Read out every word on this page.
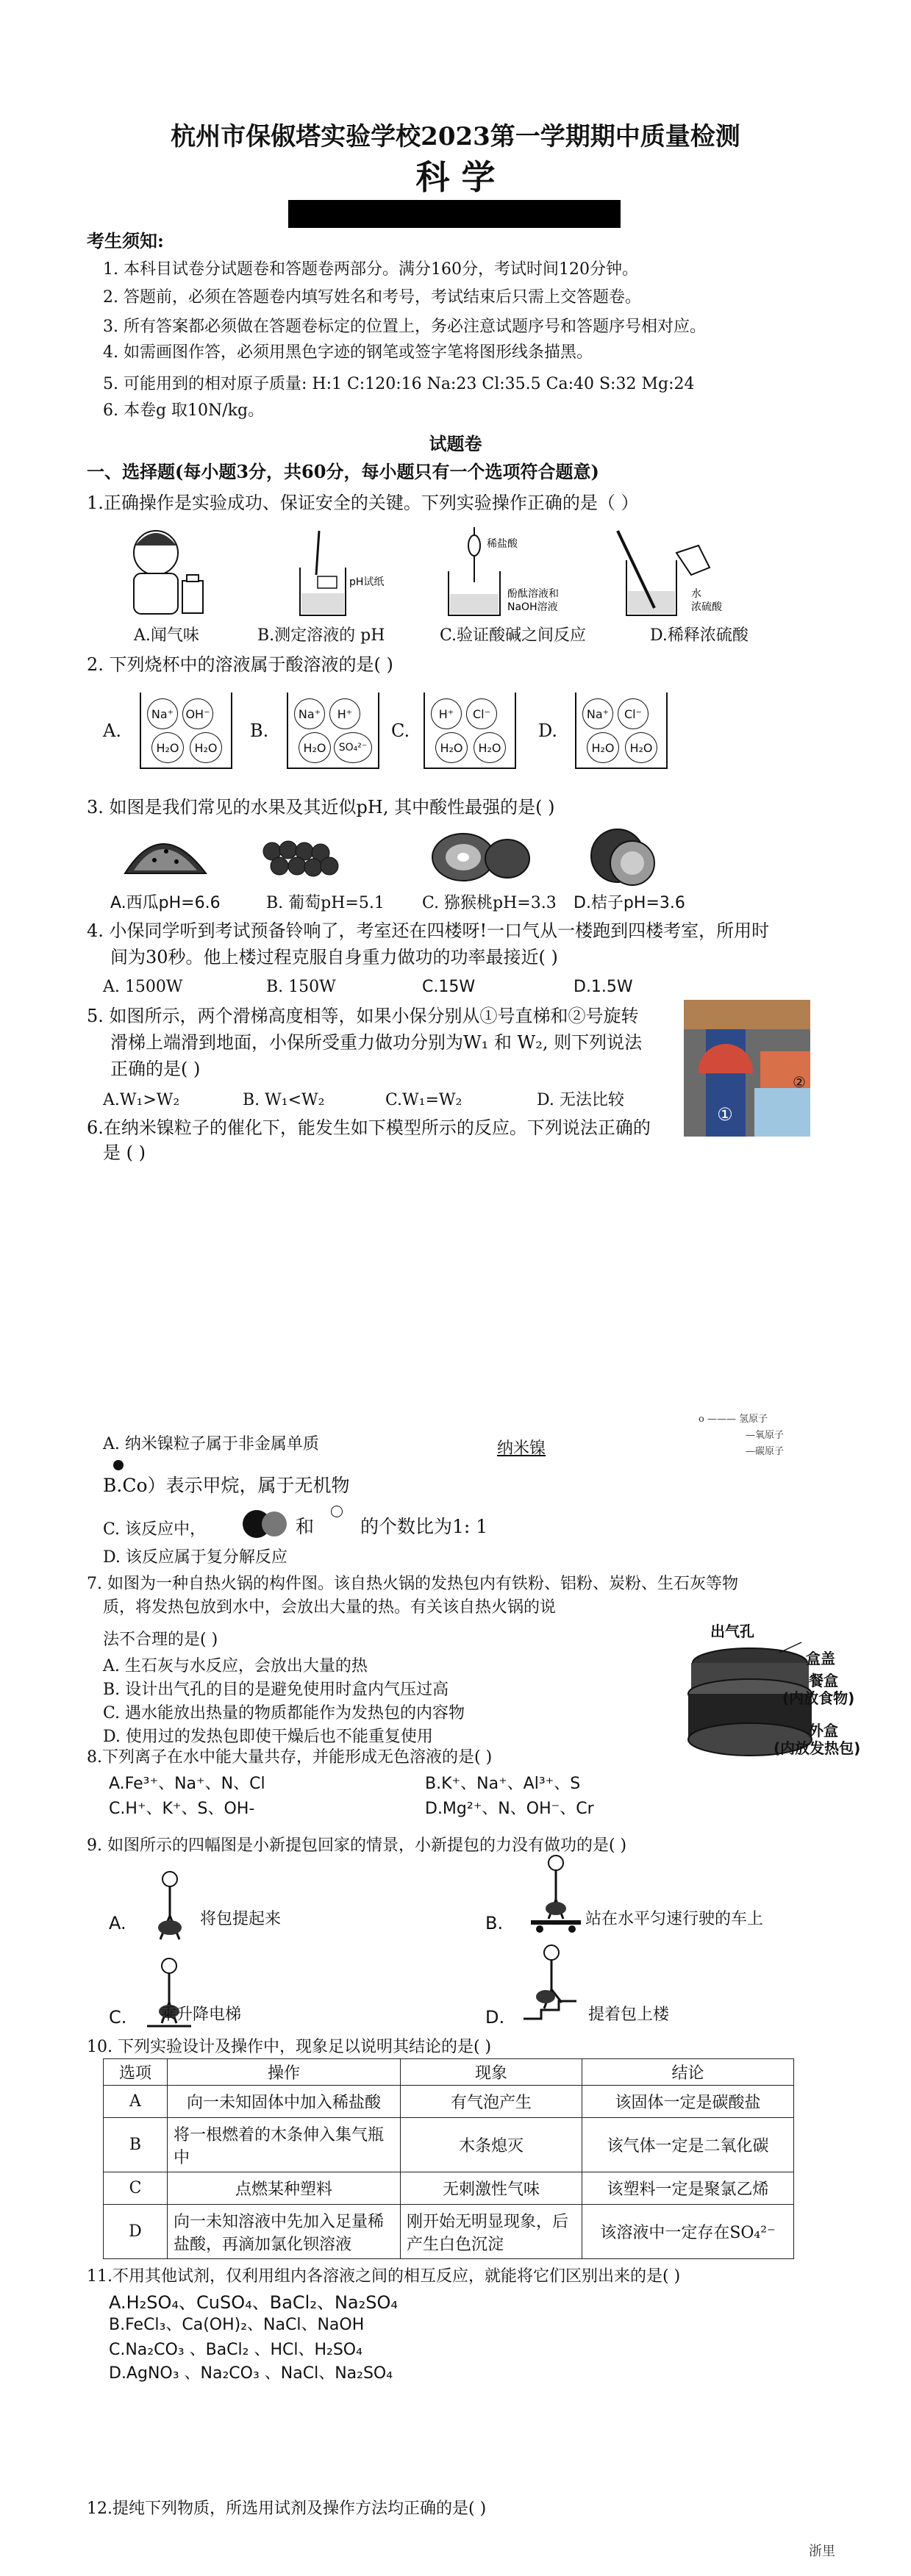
杭州市保俶塔实验学校2023第一学期期中质量检测
科 学
考生须知:
1. 本科目试卷分试题卷和答题卷两部分。满分160分，考试时间120分钟。
2. 答题前，必须在答题卷内填写姓名和考号，考试结束后只需上交答题卷。
3. 所有答案都必须做在答题卷标定的位置上，务必注意试题序号和答题序号相对应。
4. 如需画图作答，必须用黑色字迹的钢笔或签字笔将图形线条描黑。
5. 可能用到的相对原子质量: H:1 C:120:16 Na:23 Cl:35.5 Ca:40 S:32 Mg:24
6. 本卷g 取10N/kg。
试题卷
一、选择题(每小题3分，共60分，每小题只有一个选项符合题意)
1.正确操作是实验成功、保证安全的关键。下列实验操作正确的是（ ）
pH试纸
稀盐酸
酚酞溶液和
NaOH溶液
水
浓硫酸
A.闻气味	B.测定溶液的 pH	C.验证酸碱之间反应	D.稀释浓硫酸
2. 下列烧杯中的溶液属于酸溶液的是( )
A.
Na⁺	OH⁻
H₂O	H₂O
B.
Na⁺	H⁺
H₂O	SO₄²⁻
C.
H⁺	Cl⁻
H₂O	H₂O
D.
Na⁺	Cl⁻
H₂O	H₂O
3. 如图是我们常见的水果及其近似pH, 其中酸性最强的是( )
A.西瓜pH=6.6	B. 葡萄pH=5.1 C. 猕猴桃pH=3.3 D.桔子pH=3.6
4. 小保同学听到考试预备铃响了，考室还在四楼呀!一口气从一楼跑到四楼考室，所用时
间为30秒。他上楼过程克服自身重力做功的功率最接近( )
A. 1500W	B. 150W	C.15W	D.1.5W
5. 如图所示，两个滑梯高度相等，如果小保分别从①号直梯和②号旋转
滑梯上端滑到地面，小保所受重力做功分别为W₁ 和 W₂, 则下列说法
正确的是( )
A.W₁>W₂	B. W₁<W₂	C.W₁=W₂	D. 无法比较
①
②
6.在纳米镍粒子的催化下，能发生如下模型所示的反应。下列说法正确的
是 ( )
纳米镍
o ——— 氢原子
—氧原子
—碳原子
A. 纳米镍粒子属于非金属单质
B.Co）表示甲烷，属于无机物
C. 该反应中，	和	的个数比为1: 1
D. 该反应属于复分解反应
7. 如图为一种自热火锅的构件图。该自热火锅的发热包内有铁粉、铝粉、炭粉、生石灰等物
质，将发热包放到水中，会放出大量的热。有关该自热火锅的说
法不合理的是( )
A. 生石灰与水反应，会放出大量的热
B. 设计出气孔的目的是避免使用时盒内气压过高
C. 遇水能放出热量的物质都能作为发热包的内容物
D. 使用过的发热包即使干燥后也不能重复使用
出气孔
盒盖
餐盒
(内放食物)
外盒
(内放发热包)
8.下列离子在水中能大量共存，并能形成无色溶液的是( )
A.Fe³⁺、Na⁺、N、Cl	B.K⁺、Na⁺、Al³⁺、S
C.H⁺、K⁺、S、OH-	D.Mg²⁺、N、OH⁻、Cr
9. 如图所示的四幅图是小新提包回家的情景，小新提包的力没有做功的是( )
A.	将包提起来	B.	站在水平匀速行驶的车上
C. 乘升降电梯	D.	提着包上楼
10. 下列实验设计及操作中，现象足以说明其结论的是( )
选项	操作	现象	结论
A	向一未知固体中加入稀盐酸	有气泡产生	该固体一定是碳酸盐
B	将一根燃着的木条伸入集气瓶中	木条熄灭	该气体一定是二氧化碳
C	点燃某种塑料	无刺激性气味	该塑料一定是聚氯乙烯
D	向一未知溶液中先加入足量稀盐酸，再滴加氯化钡溶液	刚开始无明显现象，后产生白色沉淀	该溶液中一定存在SO₄²⁻
11.不用其他试剂，仅利用组内各溶液之间的相互反应，就能将它们区别出来的是( )
A.H₂SO₄、CuSO₄、BaCl₂、Na₂SO₄
B.FeCl₃、Ca(OH)₂、NaCl、NaOH
C.Na₂CO₃ 、BaCl₂ 、HCl、H₂SO₄
D.AgNO₃ 、Na₂CO₃ 、NaCl、Na₂SO₄
12.提纯下列物质，所选用试剂及操作方法均正确的是( )
浙里
